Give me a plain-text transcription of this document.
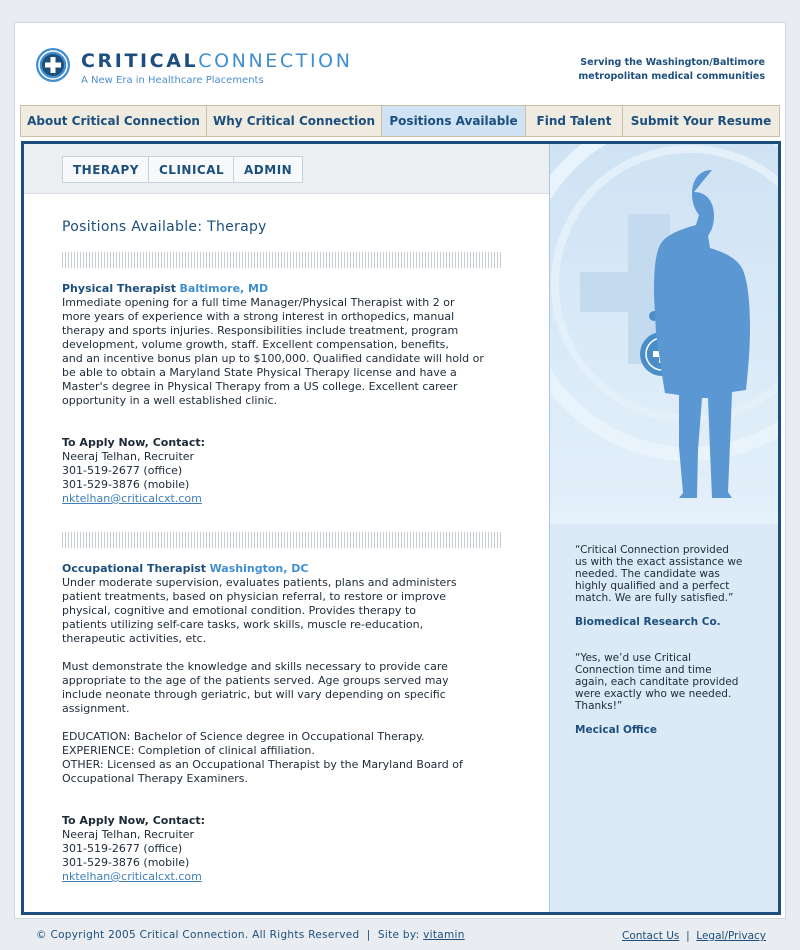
CRITICALCONNECTION
A New Era in Healthcare Placements
Serving the Washington/Baltimore
metropolitan medical communities
About Critical Connection	Why Critical Connection	Positions Available	Find Talent	Submit Your Resume
THERAPY	CLINICAL	ADMIN
Positions Available: Therapy
Physical Therapist Baltimore, MD
Immediate opening for a full time Manager/Physical Therapist with 2 or
more years of experience with a strong interest in orthopedics, manual
therapy and sports injuries. Responsibilities include treatment, program
development, volume growth, staff. Excellent compensation, benefits,
and an incentive bonus plan up to $100,000. Qualified candidate will hold or
be able to obtain a Maryland State Physical Therapy license and have a
Master's degree in Physical Therapy from a US college. Excellent career
opportunity in a well established clinic.
To Apply Now, Contact:
Neeraj Telhan, Recruiter
301-519-2677 (office)
301-529-3876 (mobile)
nktelhan@criticalcxt.com
Occupational Therapist Washington, DC
Under moderate supervision, evaluates patients, plans and administers
patient treatments, based on physician referral, to restore or improve
physical, cognitive and emotional condition. Provides therapy to
patients utilizing self-care tasks, work skills, muscle re-education,
therapeutic activities, etc.
Must demonstrate the knowledge and skills necessary to provide care
appropriate to the age of the patients served. Age groups served may
include neonate through geriatric, but will vary depending on specific
assignment.
EDUCATION: Bachelor of Science degree in Occupational Therapy.
EXPERIENCE: Completion of clinical affiliation.
OTHER: Licensed as an Occupational Therapist by the Maryland Board of
Occupational Therapy Examiners.
To Apply Now, Contact:
Neeraj Telhan, Recruiter
301-519-2677 (office)
301-529-3876 (mobile)
nktelhan@criticalcxt.com
“Critical Connection provided
us with the exact assistance we
needed. The candidate was
highly qualified and a perfect
match. We are fully satisfied.”
Biomedical Research Co.
“Yes, we’d use Critical
Connection time and time
again, each canditate provided
were exactly who we needed.
Thanks!”
Mecical Office
© Copyright 2005 Critical Connection. All Rights Reserved | Site by: vitamin	Contact Us | Legal/Privacy
